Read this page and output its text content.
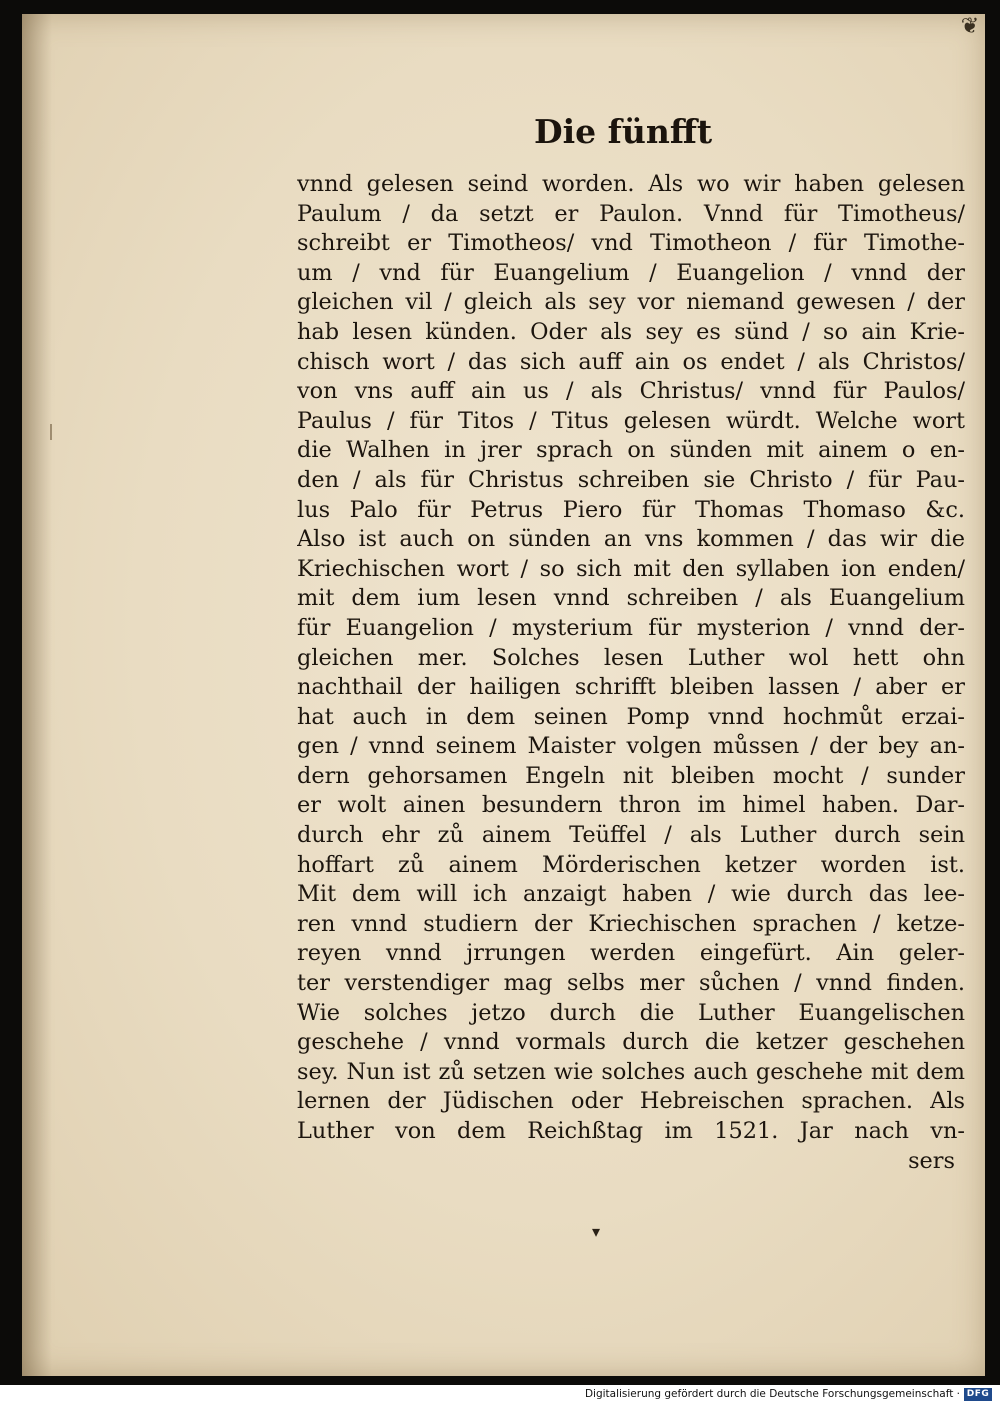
❦
Die fünfft
vnnd gelesen seind worden. Als wo wir haben gelesen
Paulum / da setzt er Paulon. Vnnd für Timotheus/
schreibt er Timotheos/ vnd Timotheon / für Timothe-
um / vnd für Euangelium / Euangelion / vnnd der
gleichen vil / gleich als sey vor niemand gewesen / der
hab lesen künden. Oder als sey es sünd / so ain Krie-
chisch wort / das sich auff ain os endet / als Christos/
von vns auff ain us / als Christus/ vnnd für Paulos/
Paulus / für Titos / Titus gelesen würdt. Welche wort
die Walhen in jrer sprach on sünden mit ainem o en-
den / als für Christus schreiben sie Christo / für Pau-
lus Palo für Petrus Piero für Thomas Thomaso &c.
Also ist auch on sünden an vns kommen / das wir die
Kriechischen wort / so sich mit den syllaben ion enden/
mit dem ium lesen vnnd schreiben / als Euangelium
für Euangelion / mysterium für mysterion / vnnd der-
gleichen mer. Solches lesen Luther wol hett ohn
nachthail der hailigen schrifft bleiben lassen / aber er
hat auch in dem seinen Pomp vnnd hochmůt erzai-
gen / vnnd seinem Maister volgen můssen / der bey an-
dern gehorsamen Engeln nit bleiben mocht / sunder
er wolt ainen besundern thron im himel haben. Dar-
durch ehr zů ainem Teüffel / als Luther durch sein
hoffart zů ainem Mörderischen ketzer worden ist.
Mit dem will ich anzaigt haben / wie durch das lee-
ren vnnd studiern der Kriechischen sprachen / ketze-
reyen vnnd jrrungen werden eingefürt. Ain geler-
ter verstendiger mag selbs mer sůchen / vnnd finden.
Wie solches jetzo durch die Luther Euangelischen
geschehe / vnnd vormals durch die ketzer geschehen
sey. Nun ist zů setzen wie solches auch geschehe mit dem
lernen der Jüdischen oder Hebreischen sprachen. Als
Luther von dem Reichßtag im 1521. Jar nach vn-
sers
▾
Digitalisierung gefördert durch die Deutsche Forschungsgemeinschaft · DFG
